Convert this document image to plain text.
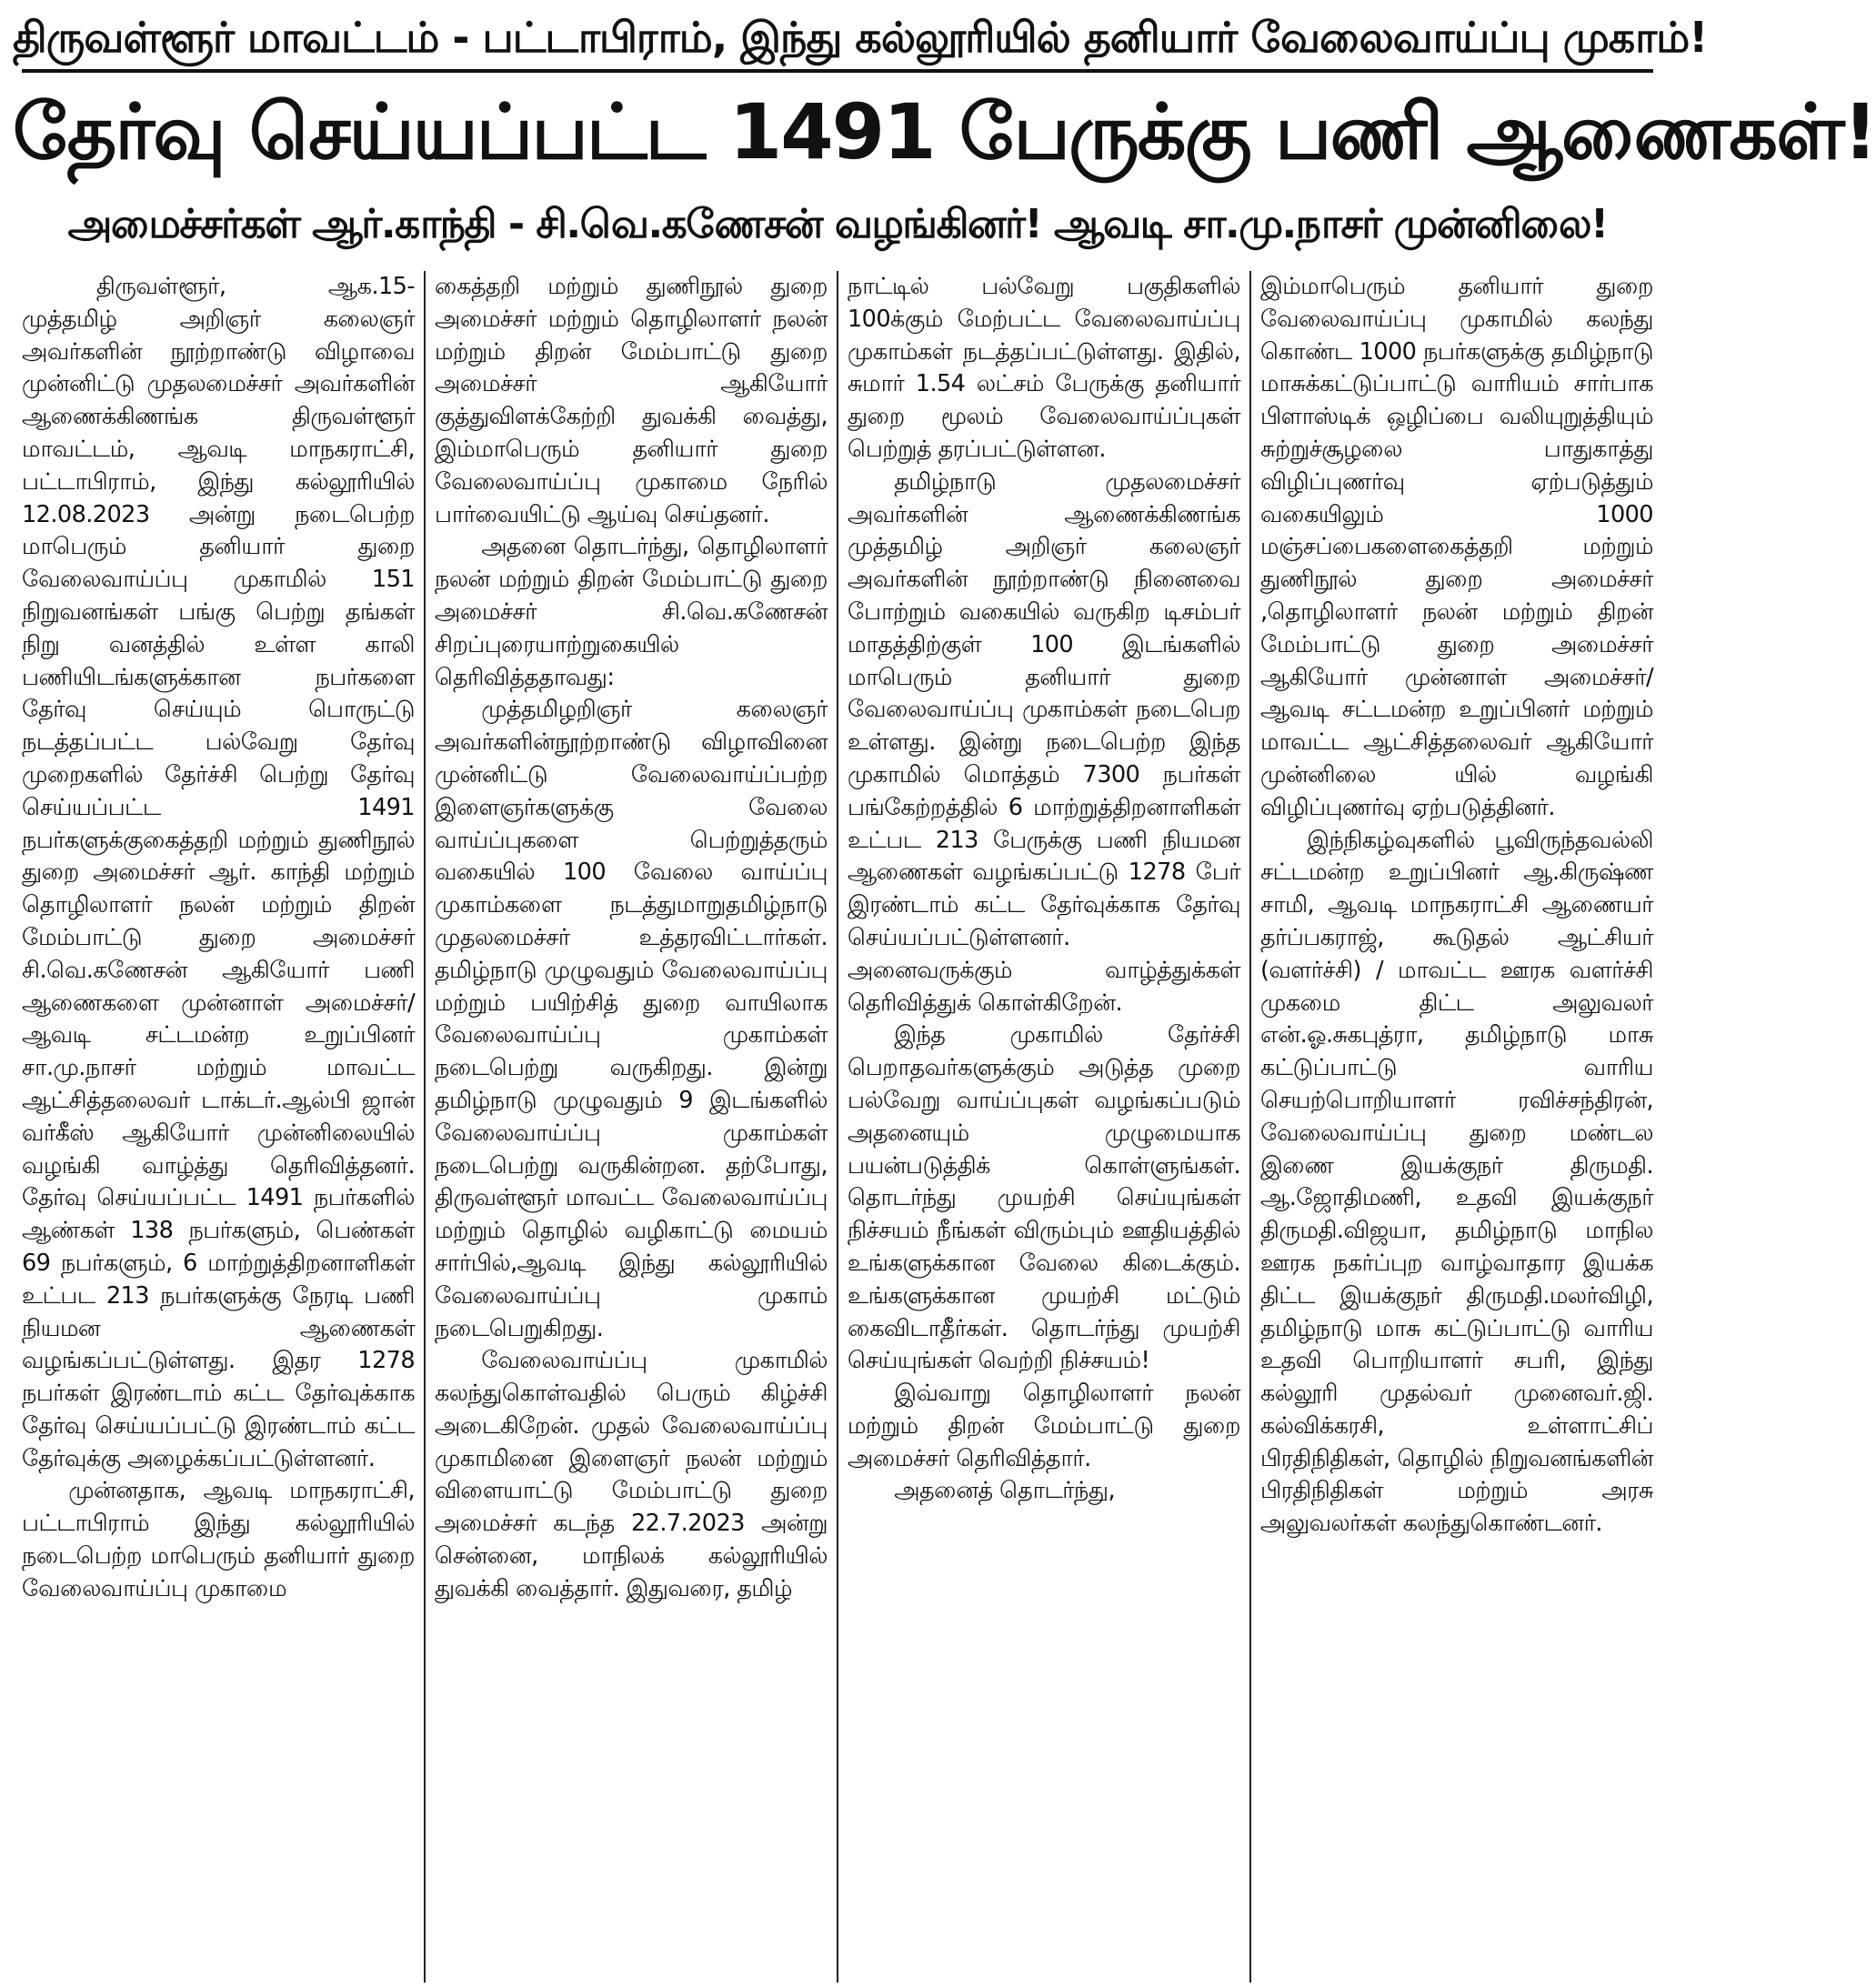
திருவள்ளூர் மாவட்டம் - பட்டாபிராம், இந்து கல்லூரியில் தனியார் வேலைவாய்ப்பு முகாம்!
தேர்வு செய்யப்பட்ட 1491 பேருக்கு பணி ஆணைகள்!
அமைச்சர்கள் ஆர்.காந்தி - சி.வெ.கணேசன் வழங்கினர்! ஆவடி சா.மு.நாசர் முன்னிலை!

திருவள்ளூர், ஆக.15- முத்தமிழ் அறிஞர் கலைஞர் அவர்களின் நூற்றாண்டு விழாவை முன்னிட்டு முதலமைச்சர் அவர்களின் ஆணைக்கிணங்க திருவள்ளூர் மாவட்டம், ஆவடி மாநகராட்சி, பட்டாபிராம், இந்து கல்லூரியில் 12.08.2023 அன்று நடைபெற்ற மாபெரும் தனியார் துறை வேலைவாய்ப்பு முகாமில் 151 நிறுவனங்கள் பங்கு பெற்று தங்கள் நிறு வனத்தில் உள்ள காலி பணியிடங்களுக்கான நபர்களை தேர்வு செய்யும் பொருட்டு நடத்தப்பட்ட பல்வேறு தேர்வு முறைகளில் தேர்ச்சி பெற்று தேர்வு செய்யப்பட்ட 1491 நபர்களுக்குகைத்தறி மற்றும் துணிநூல் துறை அமைச்சர் ஆர். காந்தி மற்றும் தொழிலாளர் நலன் மற்றும் திறன் மேம்பாட்டு துறை அமைச்சர் சி.வெ.கணேசன் ஆகியோர் பணி ஆணைகளை முன்னாள் அமைச்சர்/ஆவடி சட்டமன்ற உறுப்பினர் சா.மு.நாசர் மற்றும் மாவட்ட ஆட்சித்தலைவர் டாக்டர்.ஆல்பி ஜான் வர்கீஸ் ஆகியோர் முன்னிலையில் வழங்கி வாழ்த்து தெரிவித்தனர். தேர்வு செய்யப்பட்ட 1491 நபர்களில் ஆண்கள் 138 நபர்களும், பெண்கள் 69 நபர்களும், 6 மாற்றுத்திறனாளிகள் உட்பட 213 நபர்களுக்கு நேரடி பணி நியமன ஆணைகள் வழங்கப்பட்டுள்ளது. இதர 1278 நபர்கள் இரண்டாம் கட்ட தேர்வுக்காக தேர்வு செய்யப்பட்டு இரண்டாம் கட்ட தேர்வுக்கு அழைக்கப்பட்டுள்ளனர்.

முன்னதாக, ஆவடி மாநகராட்சி, பட்டாபிராம் இந்து கல்லூரியில் நடைபெற்ற மாபெரும் தனியார் துறை வேலைவாய்ப்பு முகாமை

கைத்தறி மற்றும் துணிநூல் துறை அமைச்சர் மற்றும் தொழிலாளர் நலன் மற்றும் திறன் மேம்பாட்டு துறை அமைச்சர் ஆகியோர் குத்துவிளக்கேற்றி துவக்கி வைத்து, இம்மாபெரும் தனியார் துறை வேலைவாய்ப்பு முகாமை நேரில் பார்வையிட்டு ஆய்வு செய்தனர்.

அதனை தொடர்ந்து, தொழிலாளர் நலன் மற்றும் திறன் மேம்பாட்டு துறை அமைச்சர் சி.வெ.கணேசன் சிறப்புரையாற்றுகையில் தெரிவித்ததாவது:

முத்தமிழறிஞர் கலைஞர் அவர்களின்நூற்றாண்டு விழாவினை முன்னிட்டு வேலைவாய்ப்பற்ற இளைஞர்களுக்கு வேலை வாய்ப்புகளை பெற்றுத்தரும் வகையில் 100 வேலை வாய்ப்பு முகாம்களை நடத்துமாறுதமிழ்நாடு முதலமைச்சர் உத்தரவிட்டார்கள். தமிழ்நாடு முழுவதும் வேலைவாய்ப்பு மற்றும் பயிற்சித் துறை வாயிலாக வேலைவாய்ப்பு முகாம்கள் நடைபெற்று வருகிறது. இன்று தமிழ்நாடு முழுவதும் 9 இடங்களில் வேலைவாய்ப்பு முகாம்கள் நடைபெற்று வருகின்றன. தற்போது, திருவள்ளூர் மாவட்ட வேலைவாய்ப்பு மற்றும் தொழில் வழிகாட்டு மையம் சார்பில்,ஆவடி இந்து கல்லூரியில் வேலைவாய்ப்பு முகாம் நடைபெறுகிறது.

வேலைவாய்ப்பு முகாமில் கலந்துகொள்வதில் பெரும் கிழ்ச்சி அடைகிறேன். முதல் வேலைவாய்ப்பு முகாமினை இளைஞர் நலன் மற்றும் விளையாட்டு மேம்பாட்டு துறை அமைச்சர் கடந்த 22.7.2023 அன்று சென்னை, மாநிலக் கல்லூரியில் துவக்கி வைத்தார். இதுவரை, தமிழ்

நாட்டில் பல்வேறு பகுதிகளில் 100க்கும் மேற்பட்ட வேலைவாய்ப்பு முகாம்கள் நடத்தப்பட்டுள்ளது. இதில், சுமார் 1.54 லட்சம் பேருக்கு தனியார் துறை மூலம் வேலைவாய்ப்புகள் பெற்றுத் தரப்பட்டுள்ளன.

தமிழ்நாடு முதலமைச்சர் அவர்களின் ஆணைக்கிணங்க முத்தமிழ் அறிஞர் கலைஞர் அவர்களின் நூற்றாண்டு நினைவை போற்றும் வகையில் வருகிற டிசம்பர் மாதத்திற்குள் 100 இடங்களில் மாபெரும் தனியார் துறை வேலைவாய்ப்பு முகாம்கள் நடைபெற உள்ளது. இன்று நடைபெற்ற இந்த முகாமில் மொத்தம் 7300 நபர்கள் பங்கேற்றத்தில் 6 மாற்றுத்திறனாளிகள் உட்பட 213 பேருக்கு பணி நியமன ஆணைகள் வழங்கப்பட்டு 1278 பேர் இரண்டாம் கட்ட தேர்வுக்காக தேர்வு செய்யப்பட்டுள்ளனர். அனைவருக்கும் வாழ்த்துக்கள் தெரிவித்துக் கொள்கிறேன்.

இந்த முகாமில் தேர்ச்சி பெறாதவர்களுக்கும் அடுத்த முறை பல்வேறு வாய்ப்புகள் வழங்கப்படும் அதனையும் முழுமையாக பயன்படுத்திக் கொள்ளுங்கள். தொடர்ந்து முயற்சி செய்யுங்கள் நிச்சயம் நீங்கள் விரும்பும் ஊதியத்தில் உங்களுக்கான வேலை கிடைக்கும். உங்களுக்கான முயற்சி மட்டும் கைவிடாதீர்கள். தொடர்ந்து முயற்சி செய்யுங்கள் வெற்றி நிச்சயம்!

இவ்வாறு தொழிலாளர் நலன் மற்றும் திறன் மேம்பாட்டு துறை அமைச்சர் தெரிவித்தார்.

அதனைத் தொடர்ந்து,

இம்மாபெரும் தனியார் துறை வேலைவாய்ப்பு முகாமில் கலந்து கொண்ட 1000 நபர்களுக்கு தமிழ்நாடு மாசுக்கட்டுப்பாட்டு வாரியம் சார்பாக பிளாஸ்டிக் ஒழிப்பை வலியுறுத்தியும் சுற்றுச்சூழலை பாதுகாத்து விழிப்புணர்வு ஏற்படுத்தும் வகையிலும் 1000 மஞ்சப்பைகளைகைத்தறி மற்றும் துணிநூல் துறை அமைச்சர் ,தொழிலாளர் நலன் மற்றும் திறன் மேம்பாட்டு துறை அமைச்சர் ஆகியோர் முன்னாள் அமைச்சர்/ ஆவடி சட்டமன்ற உறுப்பினர் மற்றும் மாவட்ட ஆட்சித்தலைவர் ஆகியோர் முன்னிலை யில் வழங்கி விழிப்புணர்வு ஏற்படுத்தினர்.

இந்நிகழ்வுகளில் பூவிருந்தவல்லி சட்டமன்ற உறுப்பினர் ஆ.கிருஷ்ண சாமி, ஆவடி மாநகராட்சி ஆணையர் தர்ப்பகராஜ், கூடுதல் ஆட்சியர் (வளர்ச்சி) / மாவட்ட ஊரக வளர்ச்சி முகமை திட்ட அலுவலர் என்.ஓ.சுகபுத்ரா, தமிழ்நாடு மாசு கட்டுப்பாட்டு வாரிய செயற்பொறியாளர் ரவிச்சந்திரன், வேலைவாய்ப்பு துறை மண்டல இணை இயக்குநர் திருமதி. ஆ.ஜோதிமணி, உதவி இயக்குநர் திருமதி.விஜயா, தமிழ்நாடு மாநில ஊரக நகர்ப்புற வாழ்வாதார இயக்க திட்ட இயக்குநர் திருமதி.மலர்விழி, தமிழ்நாடு மாசு கட்டுப்பாட்டு வாரிய உதவி பொறியாளர் சபரி, இந்து கல்லூரி முதல்வர் முனைவர்.ஜி. கல்விக்கரசி, உள்ளாட்சிப் பிரதிநிதிகள், தொழில் நிறுவனங்களின் பிரதிநிதிகள் மற்றும் அரசு அலுவலர்கள் கலந்துகொண்டனர்.
